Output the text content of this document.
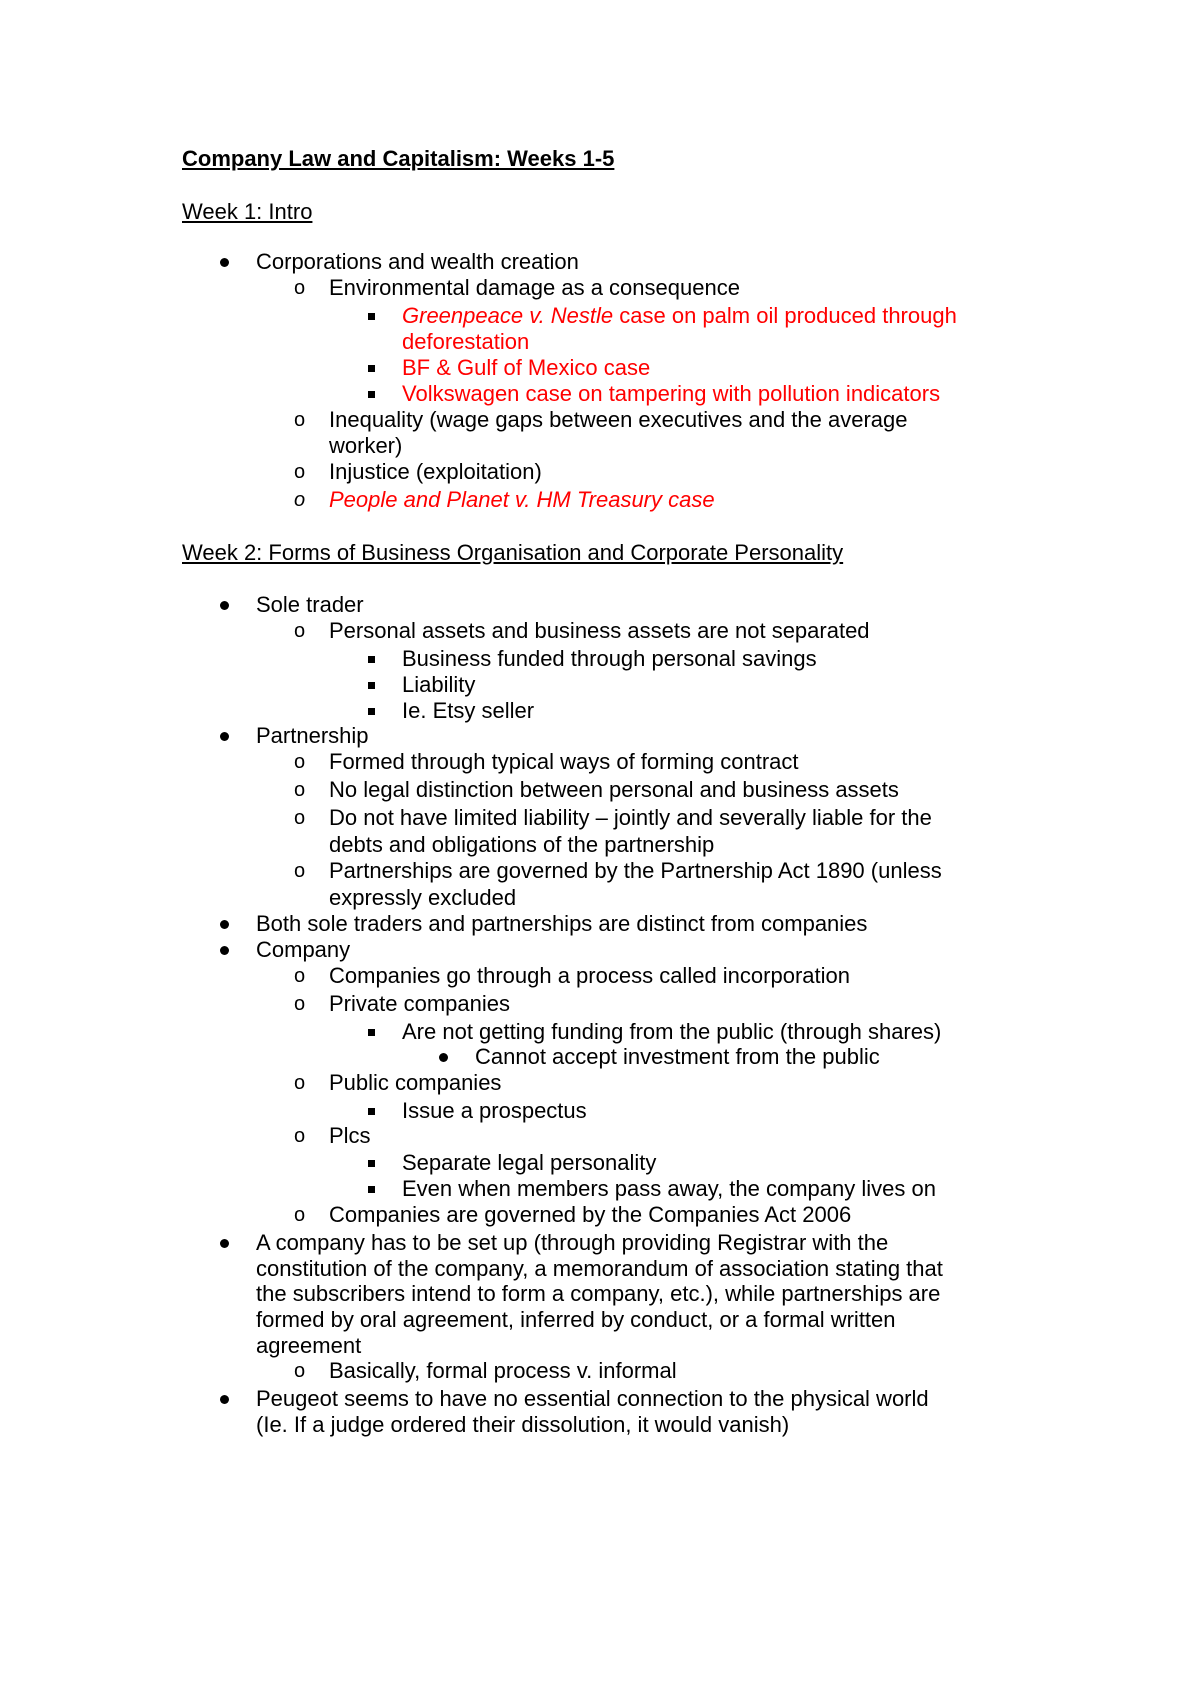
Company Law and Capitalism: Weeks 1-5
Week 1: Intro
Corporations and wealth creation
o Environmental damage as a consequence
Greenpeace v. Nestle case on palm oil produced through
deforestation
BF & Gulf of Mexico case
Volkswagen case on tampering with pollution indicators
o Inequality (wage gaps between executives and the average
worker)
o Injustice (exploitation)
o People and Planet v. HM Treasury case
Week 2: Forms of Business Organisation and Corporate Personality
Sole trader
o Personal assets and business assets are not separated
Business funded through personal savings
Liability
Ie. Etsy seller
Partnership
o Formed through typical ways of forming contract
o No legal distinction between personal and business assets
o Do not have limited liability – jointly and severally liable for the
debts and obligations of the partnership
o Partnerships are governed by the Partnership Act 1890 (unless
expressly excluded
Both sole traders and partnerships are distinct from companies
Company
o Companies go through a process called incorporation
o Private companies
Are not getting funding from the public (through shares)
Cannot accept investment from the public
o Public companies
Issue a prospectus
o Plcs
Separate legal personality
Even when members pass away, the company lives on
o Companies are governed by the Companies Act 2006
A company has to be set up (through providing Registrar with the
constitution of the company, a memorandum of association stating that
the subscribers intend to form a company, etc.), while partnerships are
formed by oral agreement, inferred by conduct, or a formal written
agreement
o Basically, formal process v. informal
Peugeot seems to have no essential connection to the physical world
(Ie. If a judge ordered their dissolution, it would vanish)
